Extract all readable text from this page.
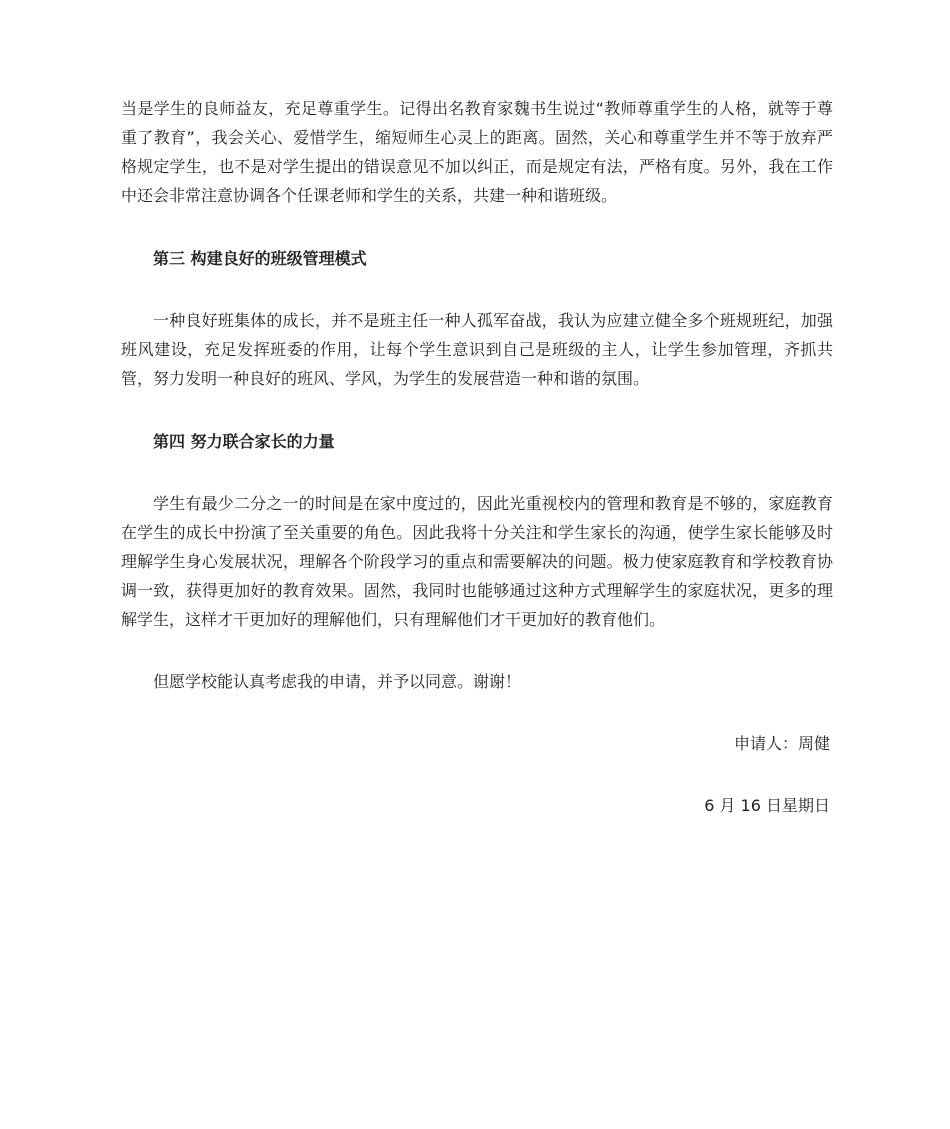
当是学生的良师益友，充足尊重学生。记得出名教育家魏书生说过“教师尊重学生的人格，就等于尊重了教育”，我会关心、爱惜学生，缩短师生心灵上的距离。固然，关心和尊重学生并不等于放弃严格规定学生，也不是对学生提出的错误意见不加以纠正，而是规定有法，严格有度。另外，我在工作中还会非常注意协调各个任课老师和学生的关系，共建一种和谐班级。

第三 构建良好的班级管理模式

一种良好班集体的成长，并不是班主任一种人孤军奋战，我认为应建立健全多个班规班纪，加强班风建设，充足发挥班委的作用，让每个学生意识到自己是班级的主人，让学生参加管理，齐抓共管，努力发明一种良好的班风、学风，为学生的发展营造一种和谐的氛围。

第四 努力联合家长的力量

学生有最少二分之一的时间是在家中度过的，因此光重视校内的管理和教育是不够的，家庭教育在学生的成长中扮演了至关重要的角色。因此我将十分关注和学生家长的沟通，使学生家长能够及时理解学生身心发展状况，理解各个阶段学习的重点和需要解决的问题。极力使家庭教育和学校教育协调一致，获得更加好的教育效果。固然，我同时也能够通过这种方式理解学生的家庭状况，更多的理解学生，这样才干更加好的理解他们，只有理解他们才干更加好的教育他们。

但愿学校能认真考虑我的申请，并予以同意。谢谢！

申请人：周健

6 月 16 日星期日
